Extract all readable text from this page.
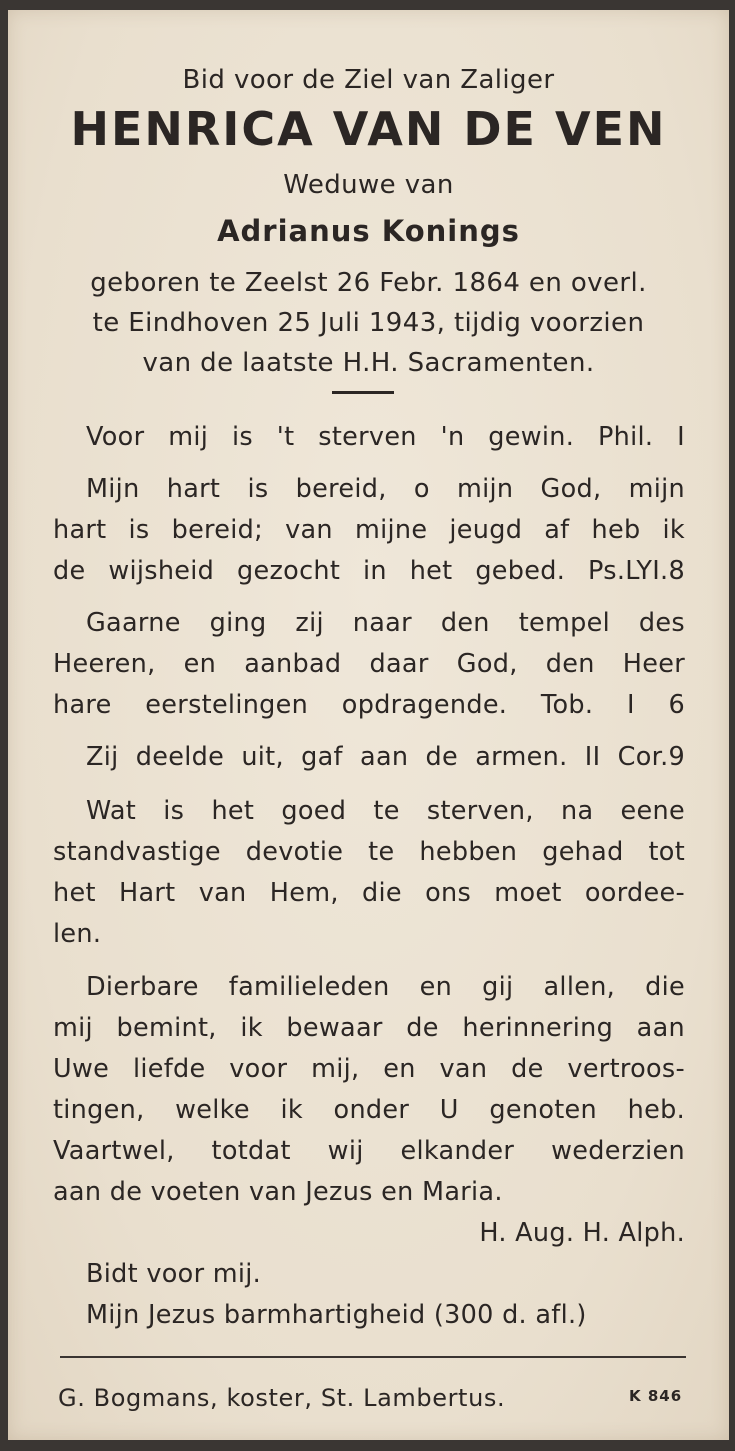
Bid voor de Ziel van Zaliger
HENRICA VAN DE VEN
Weduwe van
Adrianus Konings
geboren te Zeelst 26 Febr. 1864 en overl.
te Eindhoven 25 Juli 1943, tijdig voorzien
van de laatste H.H. Sacramenten.
Voor mij is 't sterven 'n gewin. Phil. I
Mijn hart is bereid, o mijn God, mijn
hart is bereid; van mijne jeugd af heb ik
de wijsheid gezocht in het gebed. Ps.LYI.8
Gaarne ging zij naar den tempel des
Heeren, en aanbad daar God, den Heer
hare eerstelingen opdragende. Tob. I 6
Zij deelde uit, gaf aan de armen. II Cor.9
Wat is het goed te sterven, na eene
standvastige devotie te hebben gehad tot
het Hart van Hem, die ons moet oordee-
len.
Dierbare familieleden en gij allen, die
mij bemint, ik bewaar de herinnering aan
Uwe liefde voor mij, en van de vertroos-
tingen, welke ik onder U genoten heb.
Vaartwel, totdat wij elkander wederzien
aan de voeten van Jezus en Maria.
H. Aug. H. Alph.
Bidt voor mij.
Mijn Jezus barmhartigheid (300 d. afl.)
G. Bogmans, koster, St. Lambertus.	K 846
